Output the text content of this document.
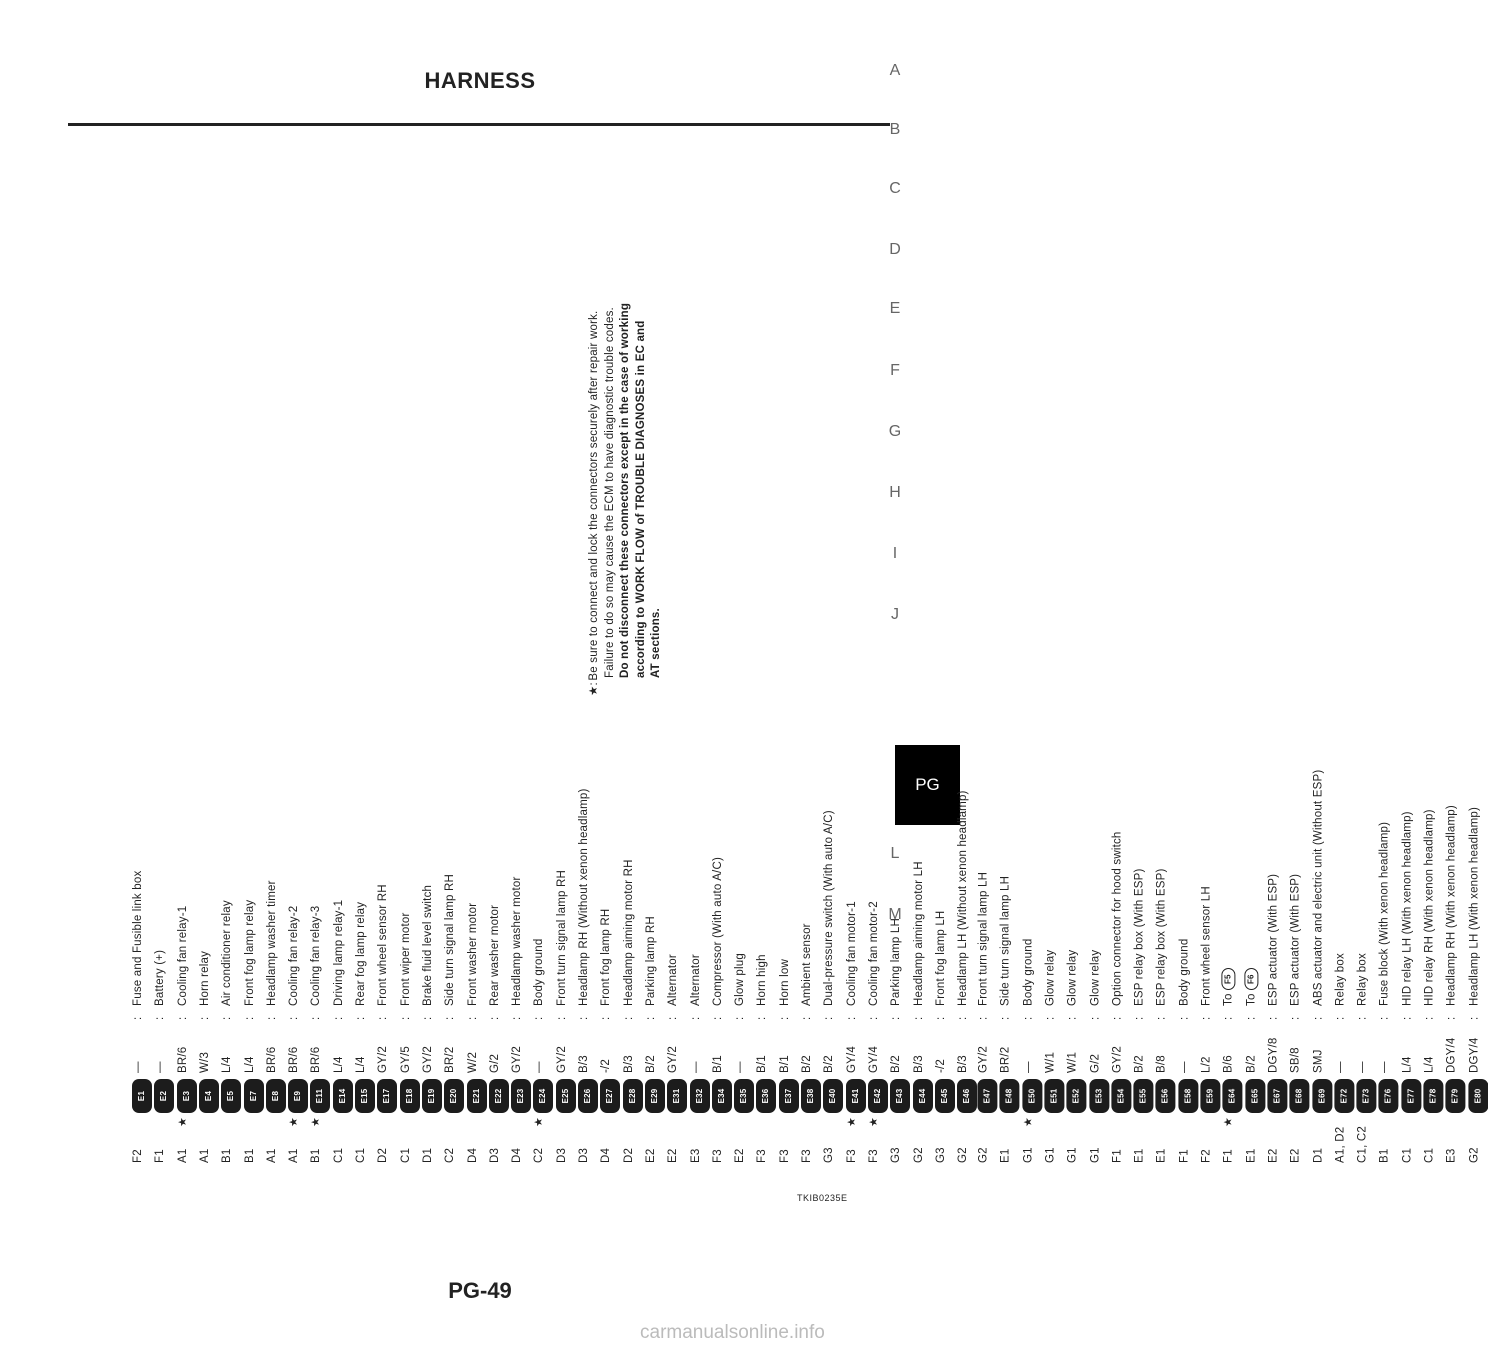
HARNESS	A
B
C
D
E
F
G
H
I
J
PG
L
M
F2
E1
—
:
Fuse and Fusible link box
F1
E2
—
:
Battery (+)
A1
★
E3
BR/6
:
Cooling fan relay-1
A1
E4
W/3
:
Horn relay
B1
E5
L/4
:
Air conditioner relay
B1
E7
L/4
:
Front fog lamp relay
A1
E8
BR/6
:
Headlamp washer timer
A1
★
E9
BR/6
:
Cooling fan relay-2
B1
★
E11
BR/6
:
Cooling fan relay-3
C1
E14
L/4
:
Driving lamp relay-1
C1
E15
L/4
:
Rear fog lamp relay
D2
E17
GY/2
:
Front wheel sensor RH
C1
E18
GY/5
:
Front wiper motor
D1
E19
GY/2
:
Brake fluid level switch
C2
E20
BR/2
:
Side turn signal lamp RH
D4
E21
W/2
:
Front washer motor
D3
E22
G/2
:
Rear washer motor
D4
E23
GY/2
:
Headlamp washer motor
C2
★
E24
—
:
Body ground
D3
E25
GY/2
:
Front turn signal lamp RH
D3
E26
B/3
:
Headlamp RH (Without xenon headlamp)
D4
E27
-/2
:
Front fog lamp RH
D2
E28
B/3
:
Headlamp aiming motor RH
E2
E29
B/2
:
Parking lamp RH
E2
E31
GY/2
:
Alternator
E3
E32
—
:
Alternator
F3
E34
B/1
:
Compressor (With auto A/C)
E2
E35
—
:
Glow plug
F3
E36
B/1
:
Horn high
F3
E37
B/1
:
Horn low
F3
E38
B/2
:
Ambient sensor
G3
E40
B/2
:
Dual-pressure switch (With auto A/C)
F3
★
E41
GY/4
:
Cooling fan motor-1
F3
★
E42
GY/4
:
Cooling fan motor-2
G3
E43
B/2
:
Parking lamp LH
G2
E44
B/3
:
Headlamp aiming motor LH
G3
E45
-/2
:
Front fog lamp LH
G2
E46
B/3
:
Headlamp LH (Without xenon headlamp)
G2
E47
GY/2
:
Front turn signal lamp LH
E1
E48
BR/2
:
Side turn signal lamp LH
G1
★
E50
—
:
Body ground
G1
E51
W/1
:
Glow relay
G1
E52
W/1
:
Glow relay
G1
E53
G/2
:
Glow relay
F1
E54
GY/2
:
Option connector for hood switch
E1
E55
B/2
:
ESP relay box (With ESP)
E1
E56
B/8
:
ESP relay box (With ESP)
F1
E58
—
:
Body ground
F2
E59
L/2
:
Front wheel sensor LH
F1
★
E64
B/6
:
To F5
E1
E65
B/2
:
To F6
E2
E67
DGY/8
:
ESP actuator (With ESP)
E2
E68
SB/8
:
ESP actuator (With ESP)
D1
E69
SMJ
:
ABS actuator and electric unit (Without ESP)
A1, D2
E72
—
:
Relay box
C1, C2
E73
—
:
Relay box
B1
E76
—
:
Fuse block (With xenon headlamp)
C1
E77
L/4
:
HID relay LH (With xenon headlamp)
C1
E78
L/4
:
HID relay RH (With xenon headlamp)
E3
E79
DGY/4
:
Headlamp RH (With xenon headlamp)
G2
E80
DGY/4
:
Headlamp LH (With xenon headlamp)
★: Be sure to connect and lock the connectors securely after repair work. Failure to do so may cause the ECM to have diagnostic trouble codes. Do not disconnect these connectors except in the case of working according to WORK FLOW of TROUBLE DIAGNOSES in EC and AT sections.
TKIB0235E
PG-49
carmanualsonline.info
